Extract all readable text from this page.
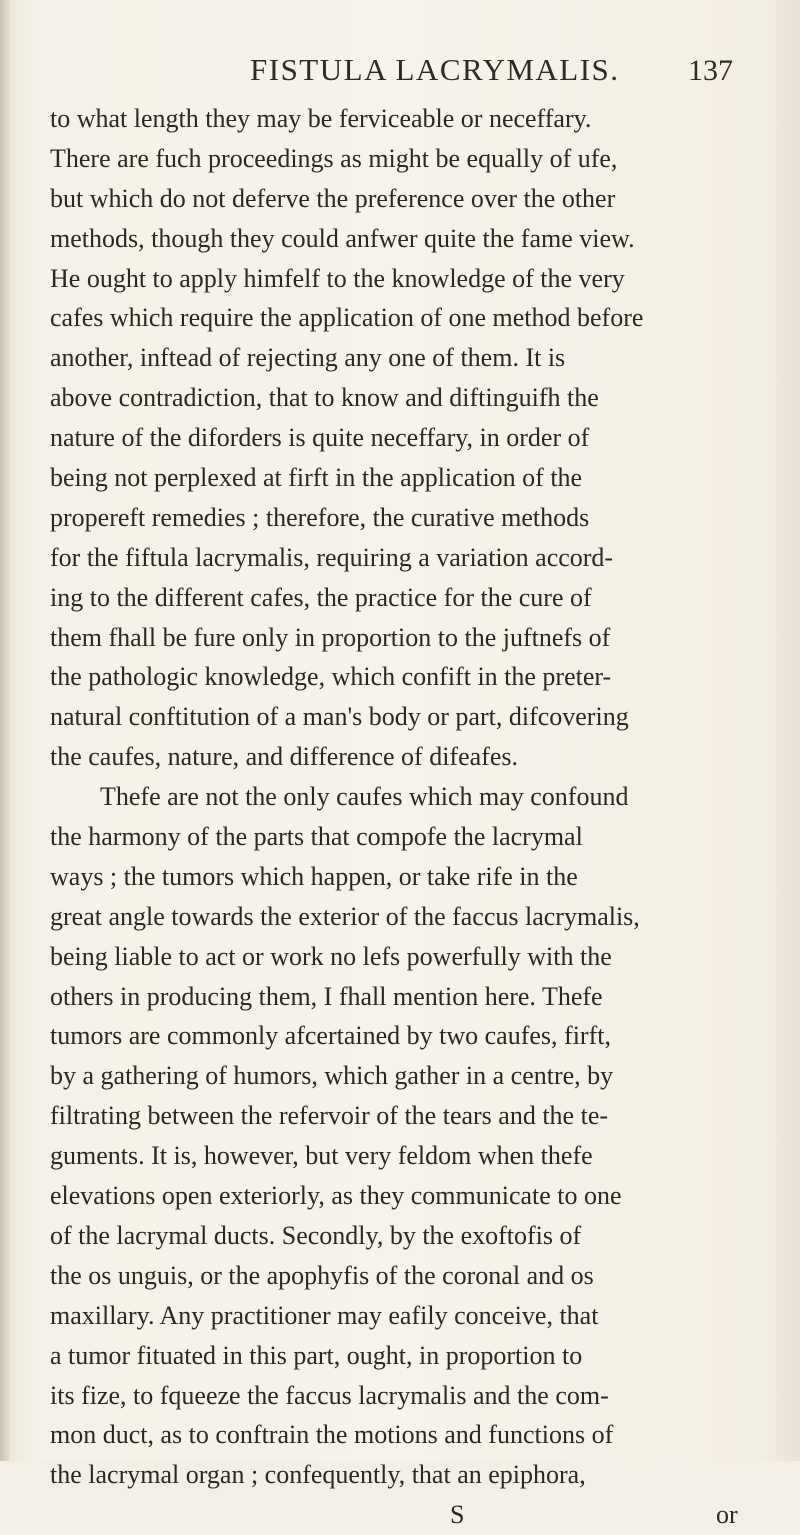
FISTULA LACRYMALIS. 137
to what length they may be ferviceable or neceffary.
There are fuch proceedings as might be equally of ufe,
but which do not deferve the preference over the other
methods, though they could anfwer quite the fame view.
He ought to apply himfelf to the knowledge of the very
cafes which require the application of one method before
another, inftead of rejecting any one of them. It is
above contradiction, that to know and diftinguifh the
nature of the diforders is quite neceffary, in order of
being not perplexed at firft in the application of the
propereft remedies ; therefore, the curative methods
for the fiftula lacrymalis, requiring a variation accord-
ing to the different cafes, the practice for the cure of
them fhall be fure only in proportion to the juftnefs of
the pathologic knowledge, which confift in the preter-
natural conftitution of a man's body or part, difcovering
the caufes, nature, and difference of difeafes.
Thefe are not the only caufes which may confound
the harmony of the parts that compofe the lacrymal
ways ; the tumors which happen, or take rife in the
great angle towards the exterior of the faccus lacrymalis,
being liable to act or work no lefs powerfully with the
others in producing them, I fhall mention here. Thefe
tumors are commonly afcertained by two caufes, firft,
by a gathering of humors, which gather in a centre, by
filtrating between the refervoir of the tears and the te-
guments. It is, however, but very feldom when thefe
elevations open exteriorly, as they communicate to one
of the lacrymal ducts. Secondly, by the exoftofis of
the os unguis, or the apophyfis of the coronal and os
maxillary. Any practitioner may eafily conceive, that
a tumor fituated in this part, ought, in proportion to
its fize, to fqueeze the faccus lacrymalis and the com-
mon duct, as to conftrain the motions and functions of
the lacrymal organ ; confequently, that an epiphora,
S	or
